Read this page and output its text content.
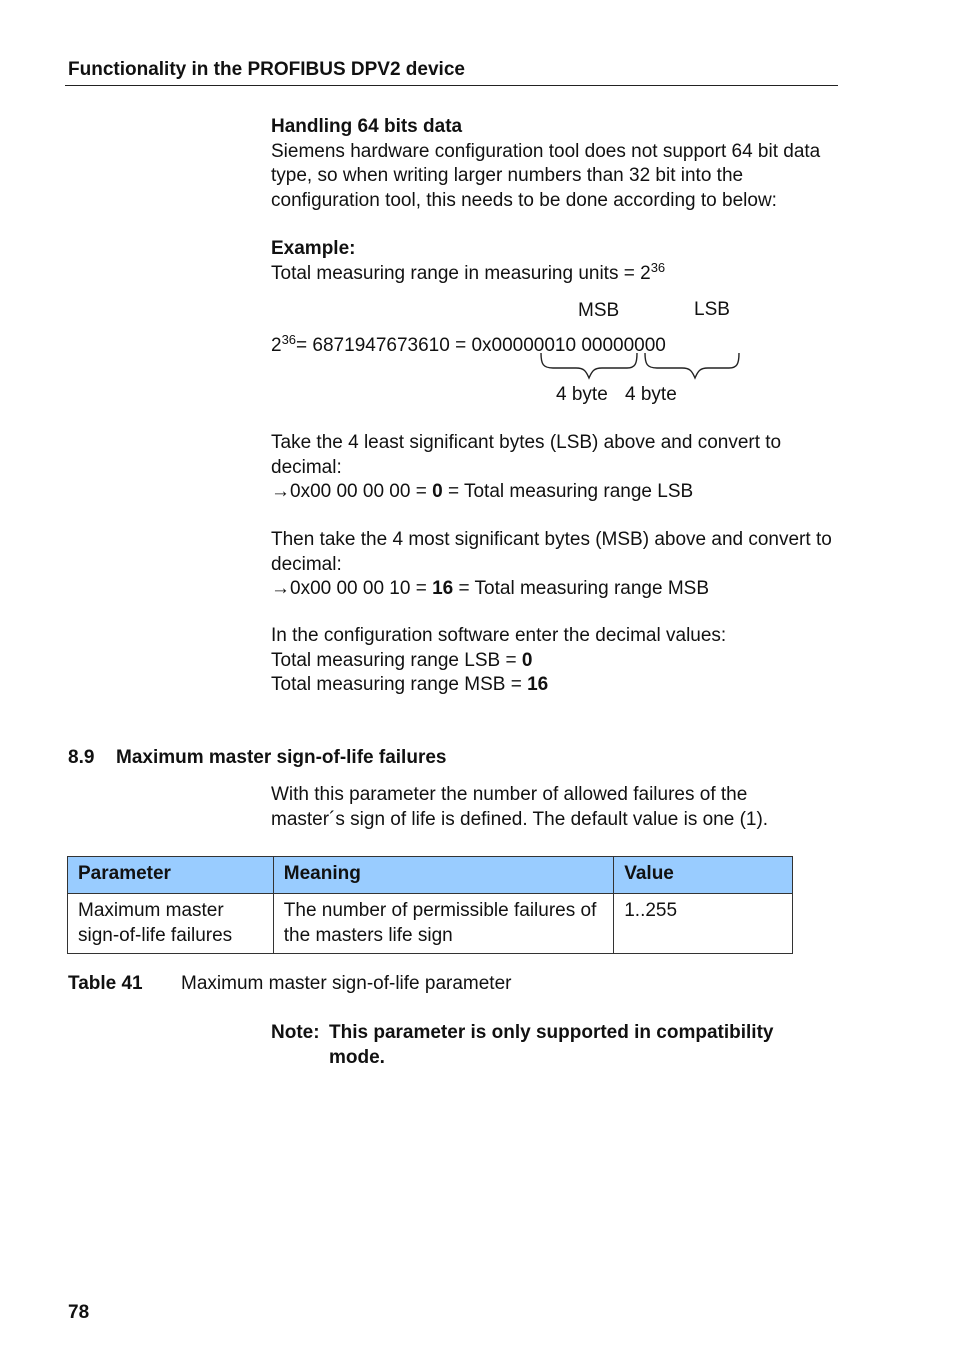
Functionality in the PROFIBUS DPV2 device
Handling 64 bits data
Siemens hardware configuration tool does not support 64 bit data type, so when writing larger numbers than 32 bit into the configuration tool, this needs to be done according to below:
Example:
Total measuring range in measuring units = $2^{36}$
MSB	LSB
$2^{36}= 6871947673610 = 0x00000010$ 00000000
4 byte 4 byte
Take the 4 least significant bytes (LSB) above and convert to decimal:
→0x00 00 00 00 = 0 = Total measuring range LSB
Then take the 4 most significant bytes (MSB) above and convert to decimal:
→0x00 00 00 10 = 16 = Total measuring range MSB
In the configuration software enter the decimal values:
Total measuring range LSB = 0
Total measuring range MSB = 16
8.9 Maximum master sign-of-life failures
With this parameter the number of allowed failures of the master´s sign of life is defined. The default value is one (1).
Parameter	Meaning	Value
Maximum master sign-of-life failures	The number of permissible failures of the masters life sign	1..255
Table 41 Maximum master sign-of-life parameter
Note: This parameter is only supported in compatibility mode.
78
